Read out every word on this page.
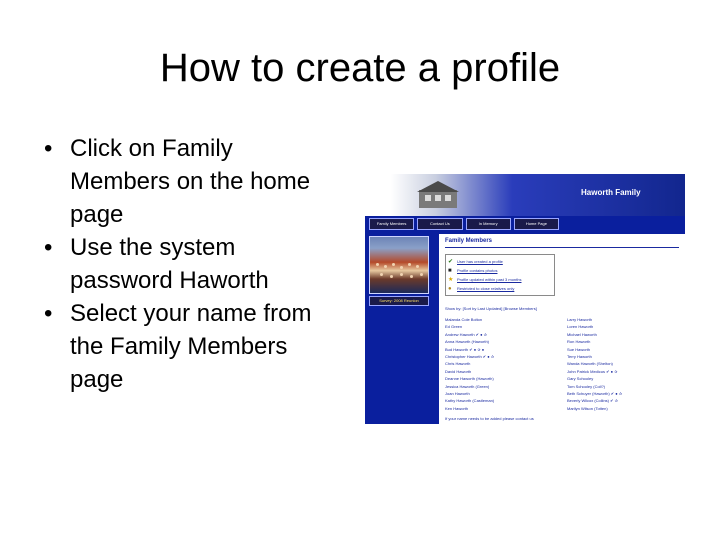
How to create a profile
• Click on Family Members on the home page
• Use the system password Haworth
• Select your name from the Family Members page
Haworth Family
Family Members	Contact Us	In Memory	Home Page
Survey: 2008 Reunion
Family Members
✔ User has created a profile
■	Profile contains photos
★ Profile updated within past 3 months
●	Restricted to close relatives only
Show by: [Sort by Last Updated] [Browse Members]
Malanda Cole Bolton
Ed Green
Andrew Haworth ✔ ● ✰
Anna Haworth (Haworth)
Bud Haworth ✔ ● ✰ ●
Christopher Haworth ✔ ● ✰
Chris Haworth
David Haworth
Deanne Haworth (Haworth)
Jessica Haworth (Green)
Joan Haworth
Kathy Haworth (Castleman)
Ken Haworth
Larry Haworth
Loren Haworth
Michael Haworth
Ron Haworth
Sue Haworth
Terry Haworth
Wanda Haworth (Shelton)
John Patrick Medicus ✔ ● ✰
Gary Schooley
Tom Schooley (Coll?)
Beth Schuyer (Haworth) ✔ ● ✰
Beverly Wilcox (Collins) ✔ ✰
Marilyn Wilson (Totten)
If your name needs to be added please contact us
